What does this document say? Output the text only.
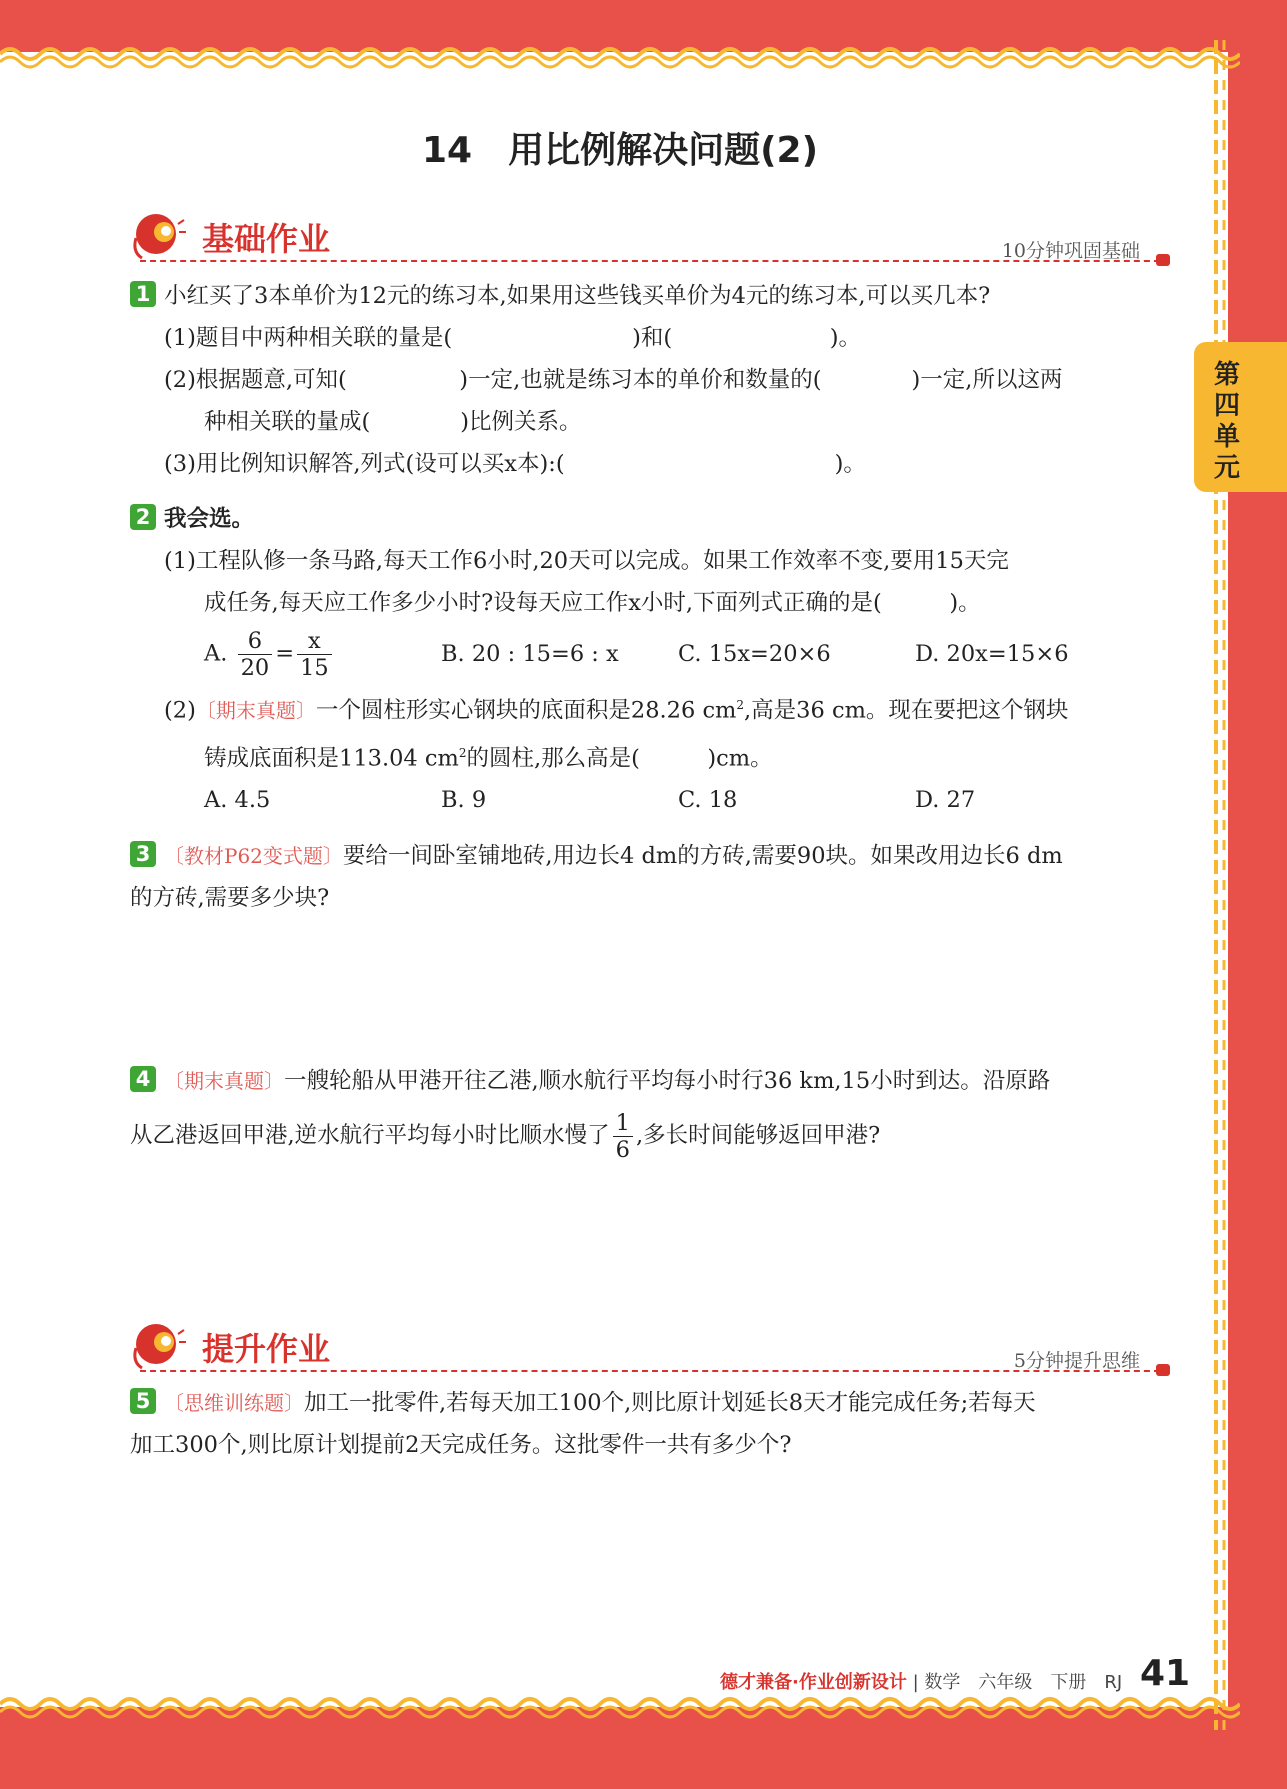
第四单元
14　用比例解决问题(2)
基础作业	10分钟巩固基础
1 小红买了3本单价为12元的练习本,如果用这些钱买单价为4元的练习本,可以买几本?
(1)题目中两种相关联的量是(　　　　　　　　)和(　　　　　　　)。
(2)根据题意,可知(　　　　　)一定,也就是练习本的单价和数量的(　　　　)一定,所以这两
种相关联的量成(　　　　)比例关系。
(3)用比例知识解答,列式(设可以买x本):(　　　　　　　　　　　　)。
2 我会选。
(1)工程队修一条马路,每天工作6小时,20天可以完成。如果工作效率不变,要用15天完
成任务,每天应工作多少小时?设每天应工作x小时,下面列式正确的是(　　　)。
A. $\frac{6}{20} = \frac{x}{15}$	B. 20 : 15=6 : x	C. 15x=20×6	D. 20x=15×6
(2)〔期末真题〕一个圆柱形实心钢块的底面积是28.26 $cm^2$,高是36 cm。现在要把这个钢块
铸成底面积是113.04 $cm^2$的圆柱,那么高是(　　　)cm。
A. 4.5	B. 9	C. 18	D. 27
3 〔教材P62变式题〕要给一间卧室铺地砖,用边长4 dm的方砖,需要90块。如果改用边长6 dm
的方砖,需要多少块?
4 〔期末真题〕一艘轮船从甲港开往乙港,顺水航行平均每小时行36 km,15小时到达。沿原路
从乙港返回甲港,逆水航行平均每小时比顺水慢了 $\frac{1}{6}$ ,多长时间能够返回甲港?
提升作业	5分钟提升思维
5 〔思维训练题〕加工一批零件,若每天加工100个,则比原计划延长8天才能完成任务;若每天
加工300个,则比原计划提前2天完成任务。这批零件一共有多少个?
德才兼备·作业创新设计 | 数学　六年级　下册　RJ 41
